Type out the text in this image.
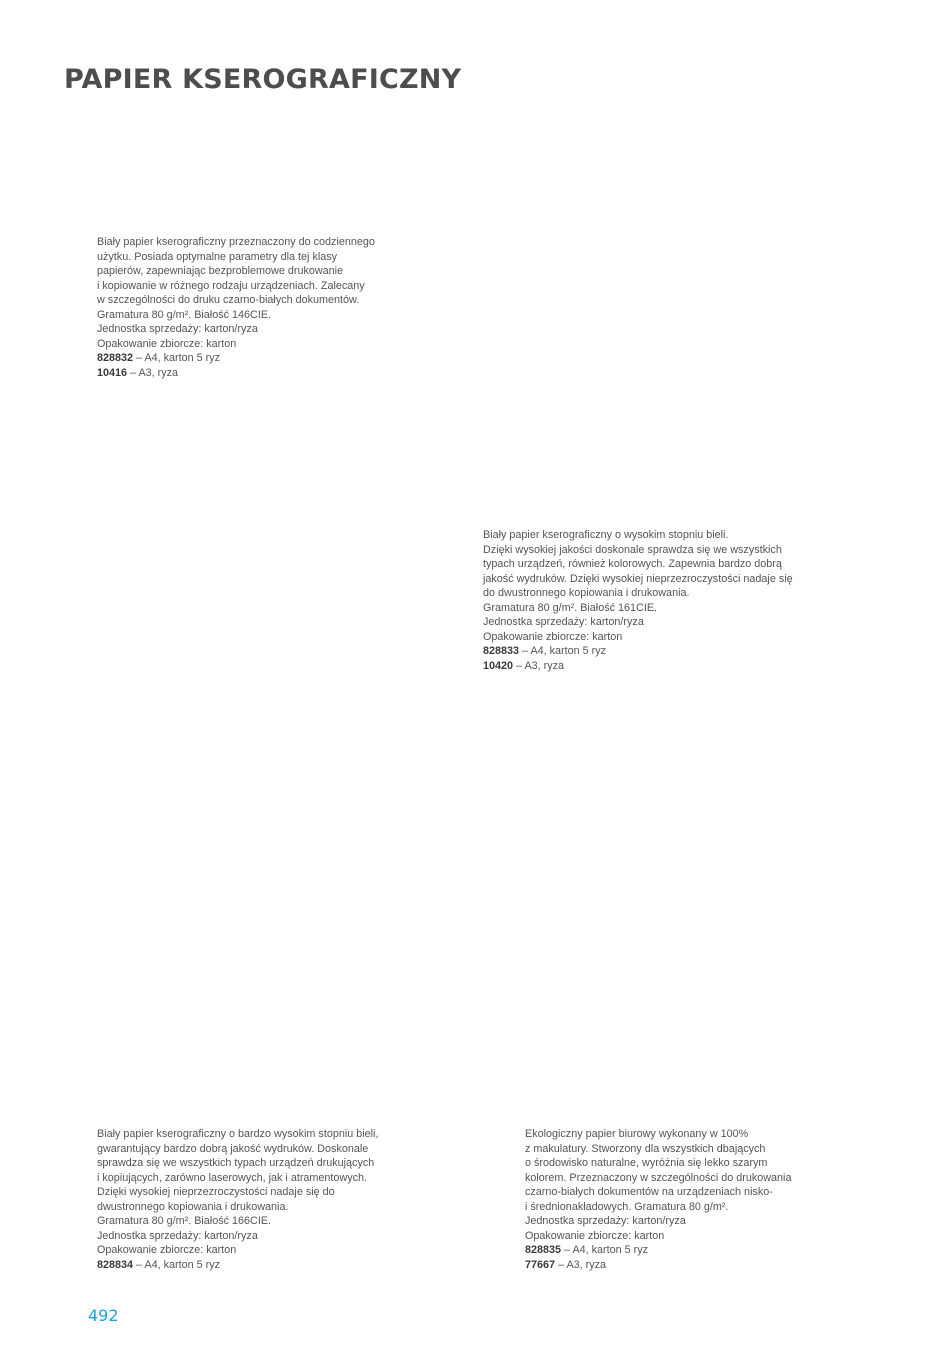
PAPIER KSEROGRAFICZNY
Biały papier kserograficzny przeznaczony do codziennego
użytku. Posiada optymalne parametry dla tej klasy
papierów, zapewniając bezproblemowe drukowanie
i kopiowanie w różnego rodzaju urządzeniach. Zalecany
w szczególności do druku czarno-białych dokumentów.
Gramatura 80 g/m². Białość 146CIE.
Jednostka sprzedaży: karton/ryza
Opakowanie zbiorcze: karton
828832 – A4, karton 5 ryz
10416 – A3, ryza
Biały papier kserograficzny o wysokim stopniu bieli.
Dzięki wysokiej jakości doskonale sprawdza się we wszystkich
typach urządzeń, również kolorowych. Zapewnia bardzo dobrą
jakość wydruków. Dzięki wysokiej nieprzezroczystości nadaje się
do dwustronnego kopiowania i drukowania.
Gramatura 80 g/m². Białość 161CIE.
Jednostka sprzedaży: karton/ryza
Opakowanie zbiorcze: karton
828833 – A4, karton 5 ryz
10420 – A3, ryza
Biały papier kserograficzny o bardzo wysokim stopniu bieli,
gwarantujący bardzo dobrą jakość wydruków. Doskonale
sprawdza się we wszystkich typach urządzeń drukujących
i kopiujących, zarówno laserowych, jak i atramentowych.
Dzięki wysokiej nieprzezroczystości nadaje się do
dwustronnego kopiowania i drukowania.
Gramatura 80 g/m². Białość 166CIE.
Jednostka sprzedaży: karton/ryza
Opakowanie zbiorcze: karton
828834 – A4, karton 5 ryz
Ekologiczny papier biurowy wykonany w 100%
z makulatury. Stworzony dla wszystkich dbających
o środowisko naturalne, wyróżnia się lekko szarym
kolorem. Przeznaczony w szczególności do drukowania
czarno-białych dokumentów na urządzeniach nisko-
i średnionakładowych. Gramatura 80 g/m².
Jednostka sprzedaży: karton/ryza
Opakowanie zbiorcze: karton
828835 – A4, karton 5 ryz
77667 – A3, ryza
492
